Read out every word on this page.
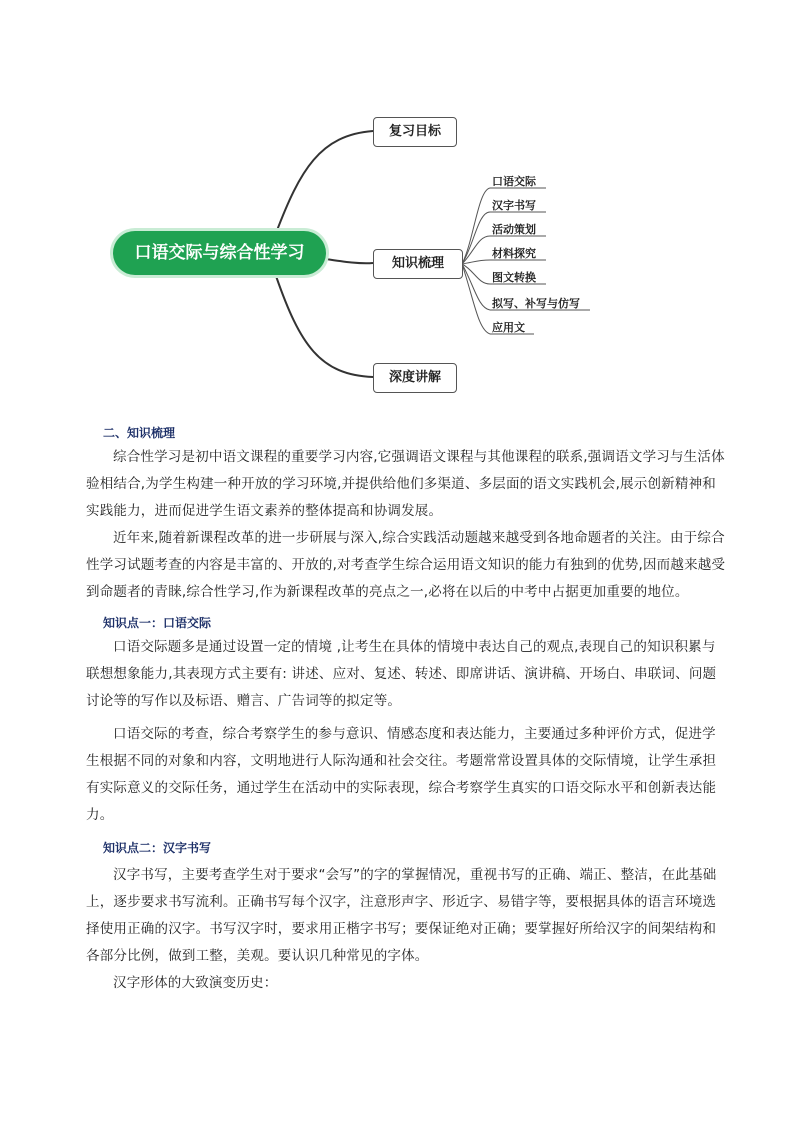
口语交际与综合性学习
复习目标
知识梳理
深度讲解
口语交际
汉字书写
活动策划
材料探究
图文转换
拟写、补写与仿写
应用文

二、知识梳理

综合性学习是初中语文课程的重要学习内容,它强调语文课程与其他课程的联系,强调语文学习与生活体验相结合,为学生构建一种开放的学习环境,并提供给他们多渠道、多层面的语文实践机会,展示创新精神和实践能力，进而促进学生语文素养的整体提高和协调发展。

近年来,随着新课程改革的进一步研展与深入,综合实践活动题越来越受到各地命题者的关注。由于综合性学习试题考查的内容是丰富的、开放的,对考查学生综合运用语文知识的能力有独到的优势,因而越来越受到命题者的青睐,综合性学习,作为新课程改革的亮点之一,必将在以后的中考中占据更加重要的地位。

知识点一：口语交际

口语交际题多是通过设置一定的情境 ,让考生在具体的情境中表达自己的观点,表现自己的知识积累与联想想象能力,其表现方式主要有: 讲述、应对、复述、转述、即席讲话、演讲稿、开场白、串联词、问题讨论等的写作以及标语、赠言、广告词等的拟定等。

口语交际的考查，综合考察学生的参与意识、情感态度和表达能力，主要通过多种评价方式，促进学生根据不同的对象和内容，文明地进行人际沟通和社会交往。考题常常设置具体的交际情境，让学生承担有实际意义的交际任务，通过学生在活动中的实际表现，综合考察学生真实的口语交际水平和创新表达能力。

知识点二：汉字书写

汉字书写，主要考查学生对于要求“会写”的字的掌握情况，重视书写的正确、端正、整洁，在此基础上，逐步要求书写流利。正确书写每个汉字，注意形声字、形近字、易错字等，要根据具体的语言环境选择使用正确的汉字。书写汉字时，要求用正楷字书写；要保证绝对正确；要掌握好所给汉字的间架结构和各部分比例，做到工整，美观。要认识几种常见的字体。

汉字形体的大致演变历史：
